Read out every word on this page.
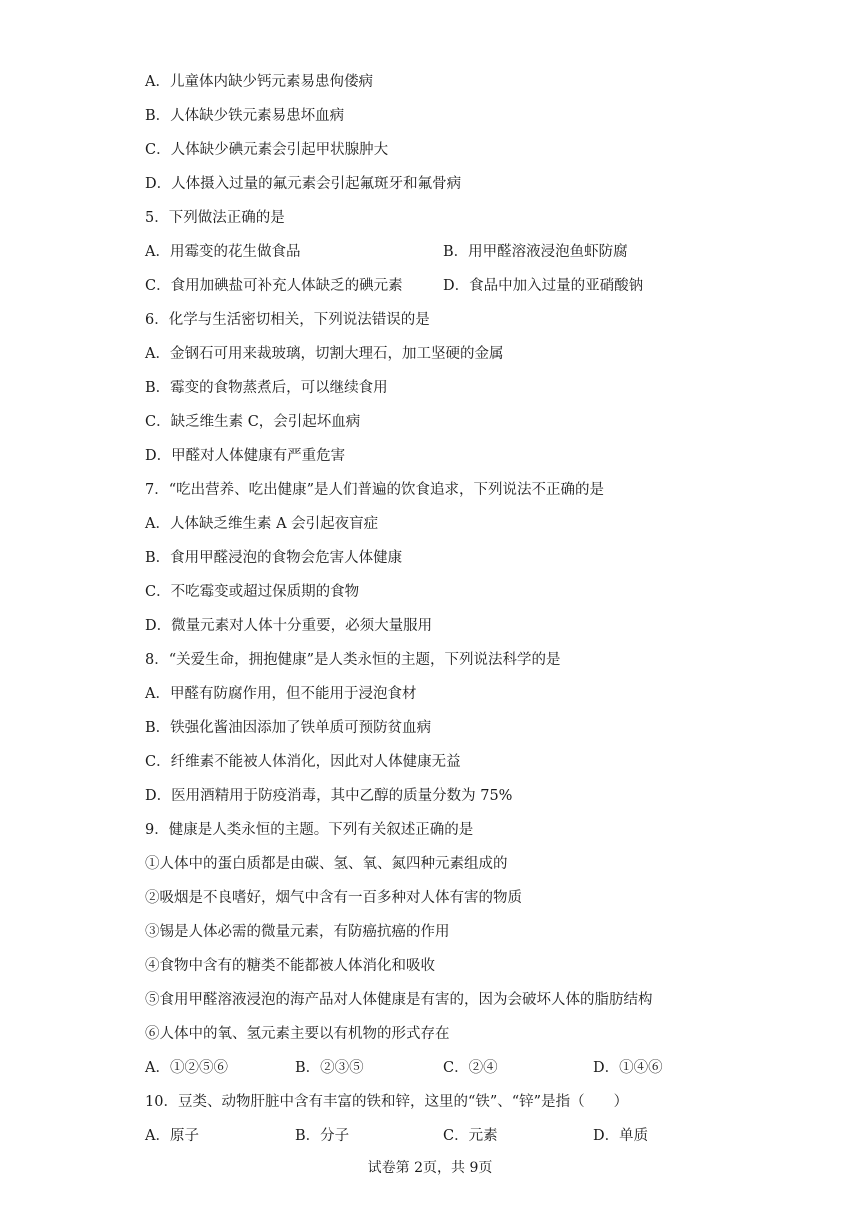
A．儿童体内缺少钙元素易患佝偻病
B．人体缺少铁元素易患坏血病
C．人体缺少碘元素会引起甲状腺肿大
D．人体摄入过量的氟元素会引起氟斑牙和氟骨病
5．下列做法正确的是
A．用霉变的花生做食品	B．用甲醛溶液浸泡鱼虾防腐
C．食用加碘盐可补充人体缺乏的碘元素	D．食品中加入过量的亚硝酸钠
6．化学与生活密切相关，下列说法错误的是
A．金钢石可用来裁玻璃，切割大理石，加工坚硬的金属
B．霉变的食物蒸煮后，可以继续食用
C．缺乏维生素 C，会引起坏血病
D．甲醛对人体健康有严重危害
7．“吃出营养、吃出健康”是人们普遍的饮食追求，下列说法不正确的是
A．人体缺乏维生素 A 会引起夜盲症
B．食用甲醛浸泡的食物会危害人体健康
C．不吃霉变或超过保质期的食物
D．微量元素对人体十分重要，必须大量服用
8．“关爱生命，拥抱健康”是人类永恒的主题，下列说法科学的是
A．甲醛有防腐作用，但不能用于浸泡食材
B．铁强化酱油因添加了铁单质可预防贫血病
C．纤维素不能被人体消化，因此对人体健康无益
D．医用酒精用于防疫消毒，其中乙醇的质量分数为 75%
9．健康是人类永恒的主题。下列有关叙述正确的是
①人体中的蛋白质都是由碳、氢、氧、氮四种元素组成的
②吸烟是不良嗜好，烟气中含有一百多种对人体有害的物质
③锡是人体必需的微量元素，有防癌抗癌的作用
④食物中含有的糖类不能都被人体消化和吸收
⑤食用甲醛溶液浸泡的海产品对人体健康是有害的，因为会破坏人体的脂肪结构
⑥人体中的氧、氢元素主要以有机物的形式存在
A．①②⑤⑥	B．②③⑤	C．②④	D．①④⑥
10．豆类、动物肝脏中含有丰富的铁和锌，这里的“铁”、“锌”是指（　　）
A．原子	B．分子	C．元素	D．单质
试卷第 2页，共 9页
